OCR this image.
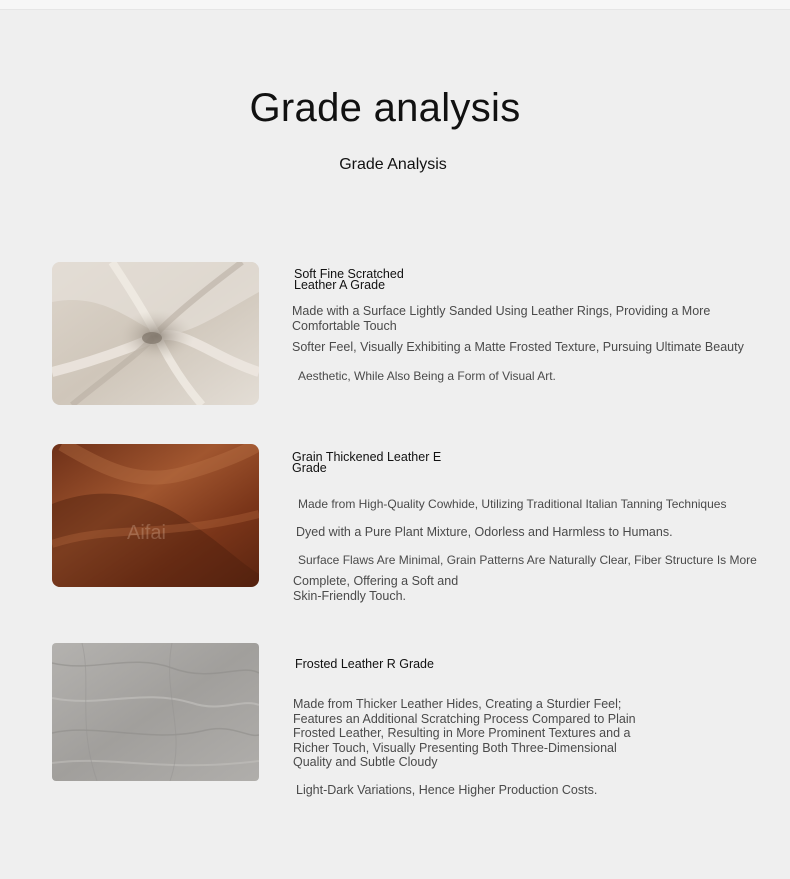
Grade analysis
Grade Analysis
Soft Fine Scratched
Leather A Grade

Made with a Surface Lightly Sanded Using Leather Rings, Providing a More Comfortable Touch

Softer Feel, Visually Exhibiting a Matte Frosted Texture, Pursuing Ultimate Beauty

Aesthetic, While Also Being a Form of Visual Art.

Aifai
Grain Thickened Leather E
Grade

Made from High-Quality Cowhide, Utilizing Traditional Italian Tanning Techniques

Dyed with a Pure Plant Mixture, Odorless and Harmless to Humans.

Surface Flaws Are Minimal, Grain Patterns Are Naturally Clear, Fiber Structure Is More

Complete, Offering a Soft and Skin-Friendly Touch.

Frosted Leather R Grade

Made from Thicker Leather Hides, Creating a Sturdier Feel; Features an Additional Scratching Process Compared to Plain Frosted Leather, Resulting in More Prominent Textures and a Richer Touch, Visually Presenting Both Three-Dimensional Quality and Subtle Cloudy

Light-Dark Variations, Hence Higher Production Costs.
